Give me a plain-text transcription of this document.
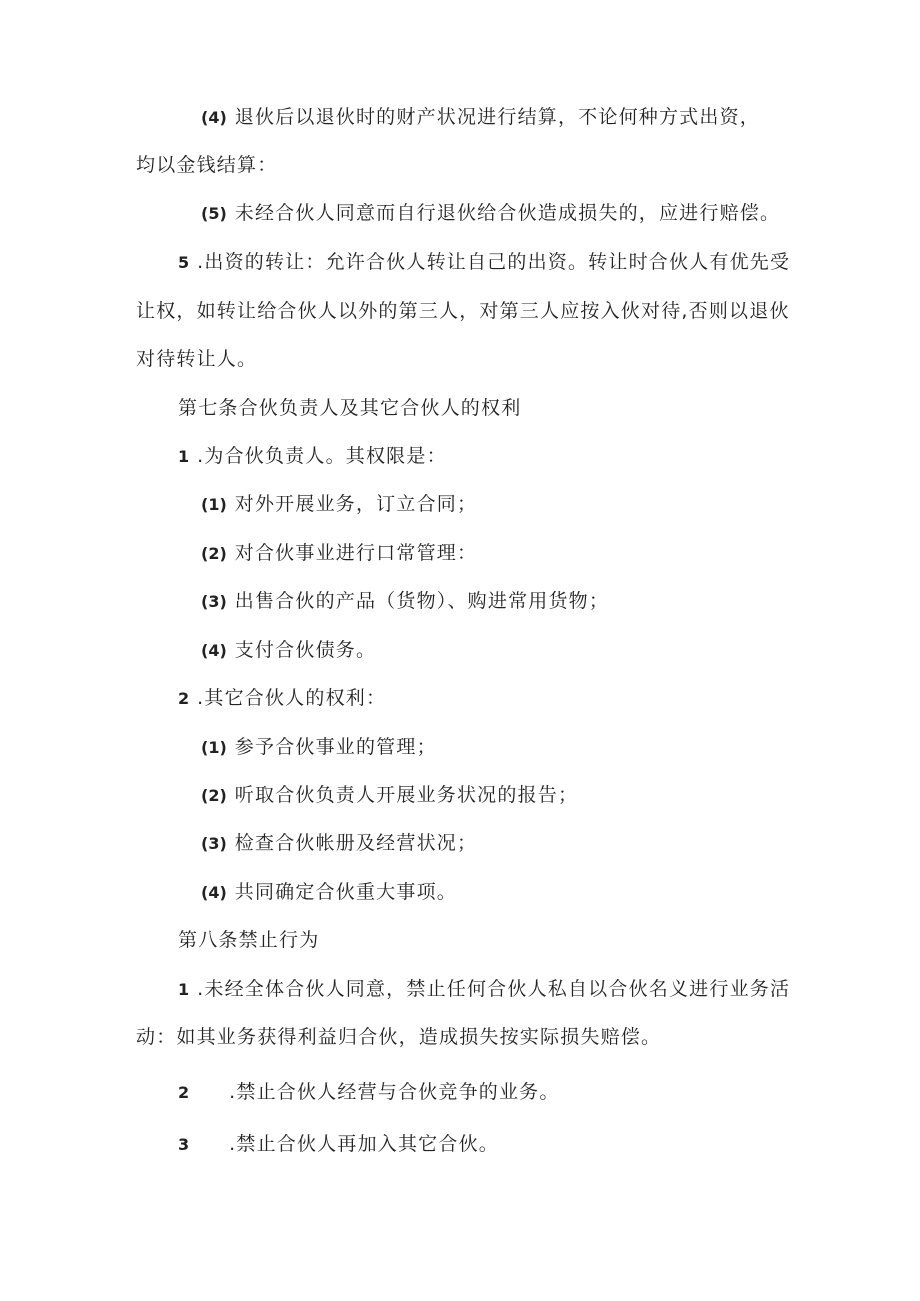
(4) 退伙后以退伙时的财产状况进行结算，不论何种方式出资，
均以金钱结算：
(5) 未经合伙人同意而自行退伙给合伙造成损失的，应进行赔偿。
5 .出资的转让：允许合伙人转让自己的出资。转让时合伙人有优先受
让权，如转让给合伙人以外的第三人，对第三人应按入伙对待,否则以退伙
对待转让人。
第七条合伙负责人及其它合伙人的权利
1 .为合伙负责人。其权限是：
(1) 对外开展业务，订立合同；
(2) 对合伙事业进行口常管理：
(3) 出售合伙的产品（货物）、购进常用货物；
(4) 支付合伙债务。
2 .其它合伙人的权利：
(1) 参予合伙事业的管理；
(2) 听取合伙负责人开展业务状况的报告；
(3) 检查合伙帐册及经营状况；
(4) 共同确定合伙重大事项。
第八条禁止行为
1 .未经全体合伙人同意，禁止任何合伙人私自以合伙名义进行业务活
动：如其业务获得利益归合伙，造成损失按实际损失赔偿。
2 .禁止合伙人经营与合伙竞争的业务。
3 .禁止合伙人再加入其它合伙。
